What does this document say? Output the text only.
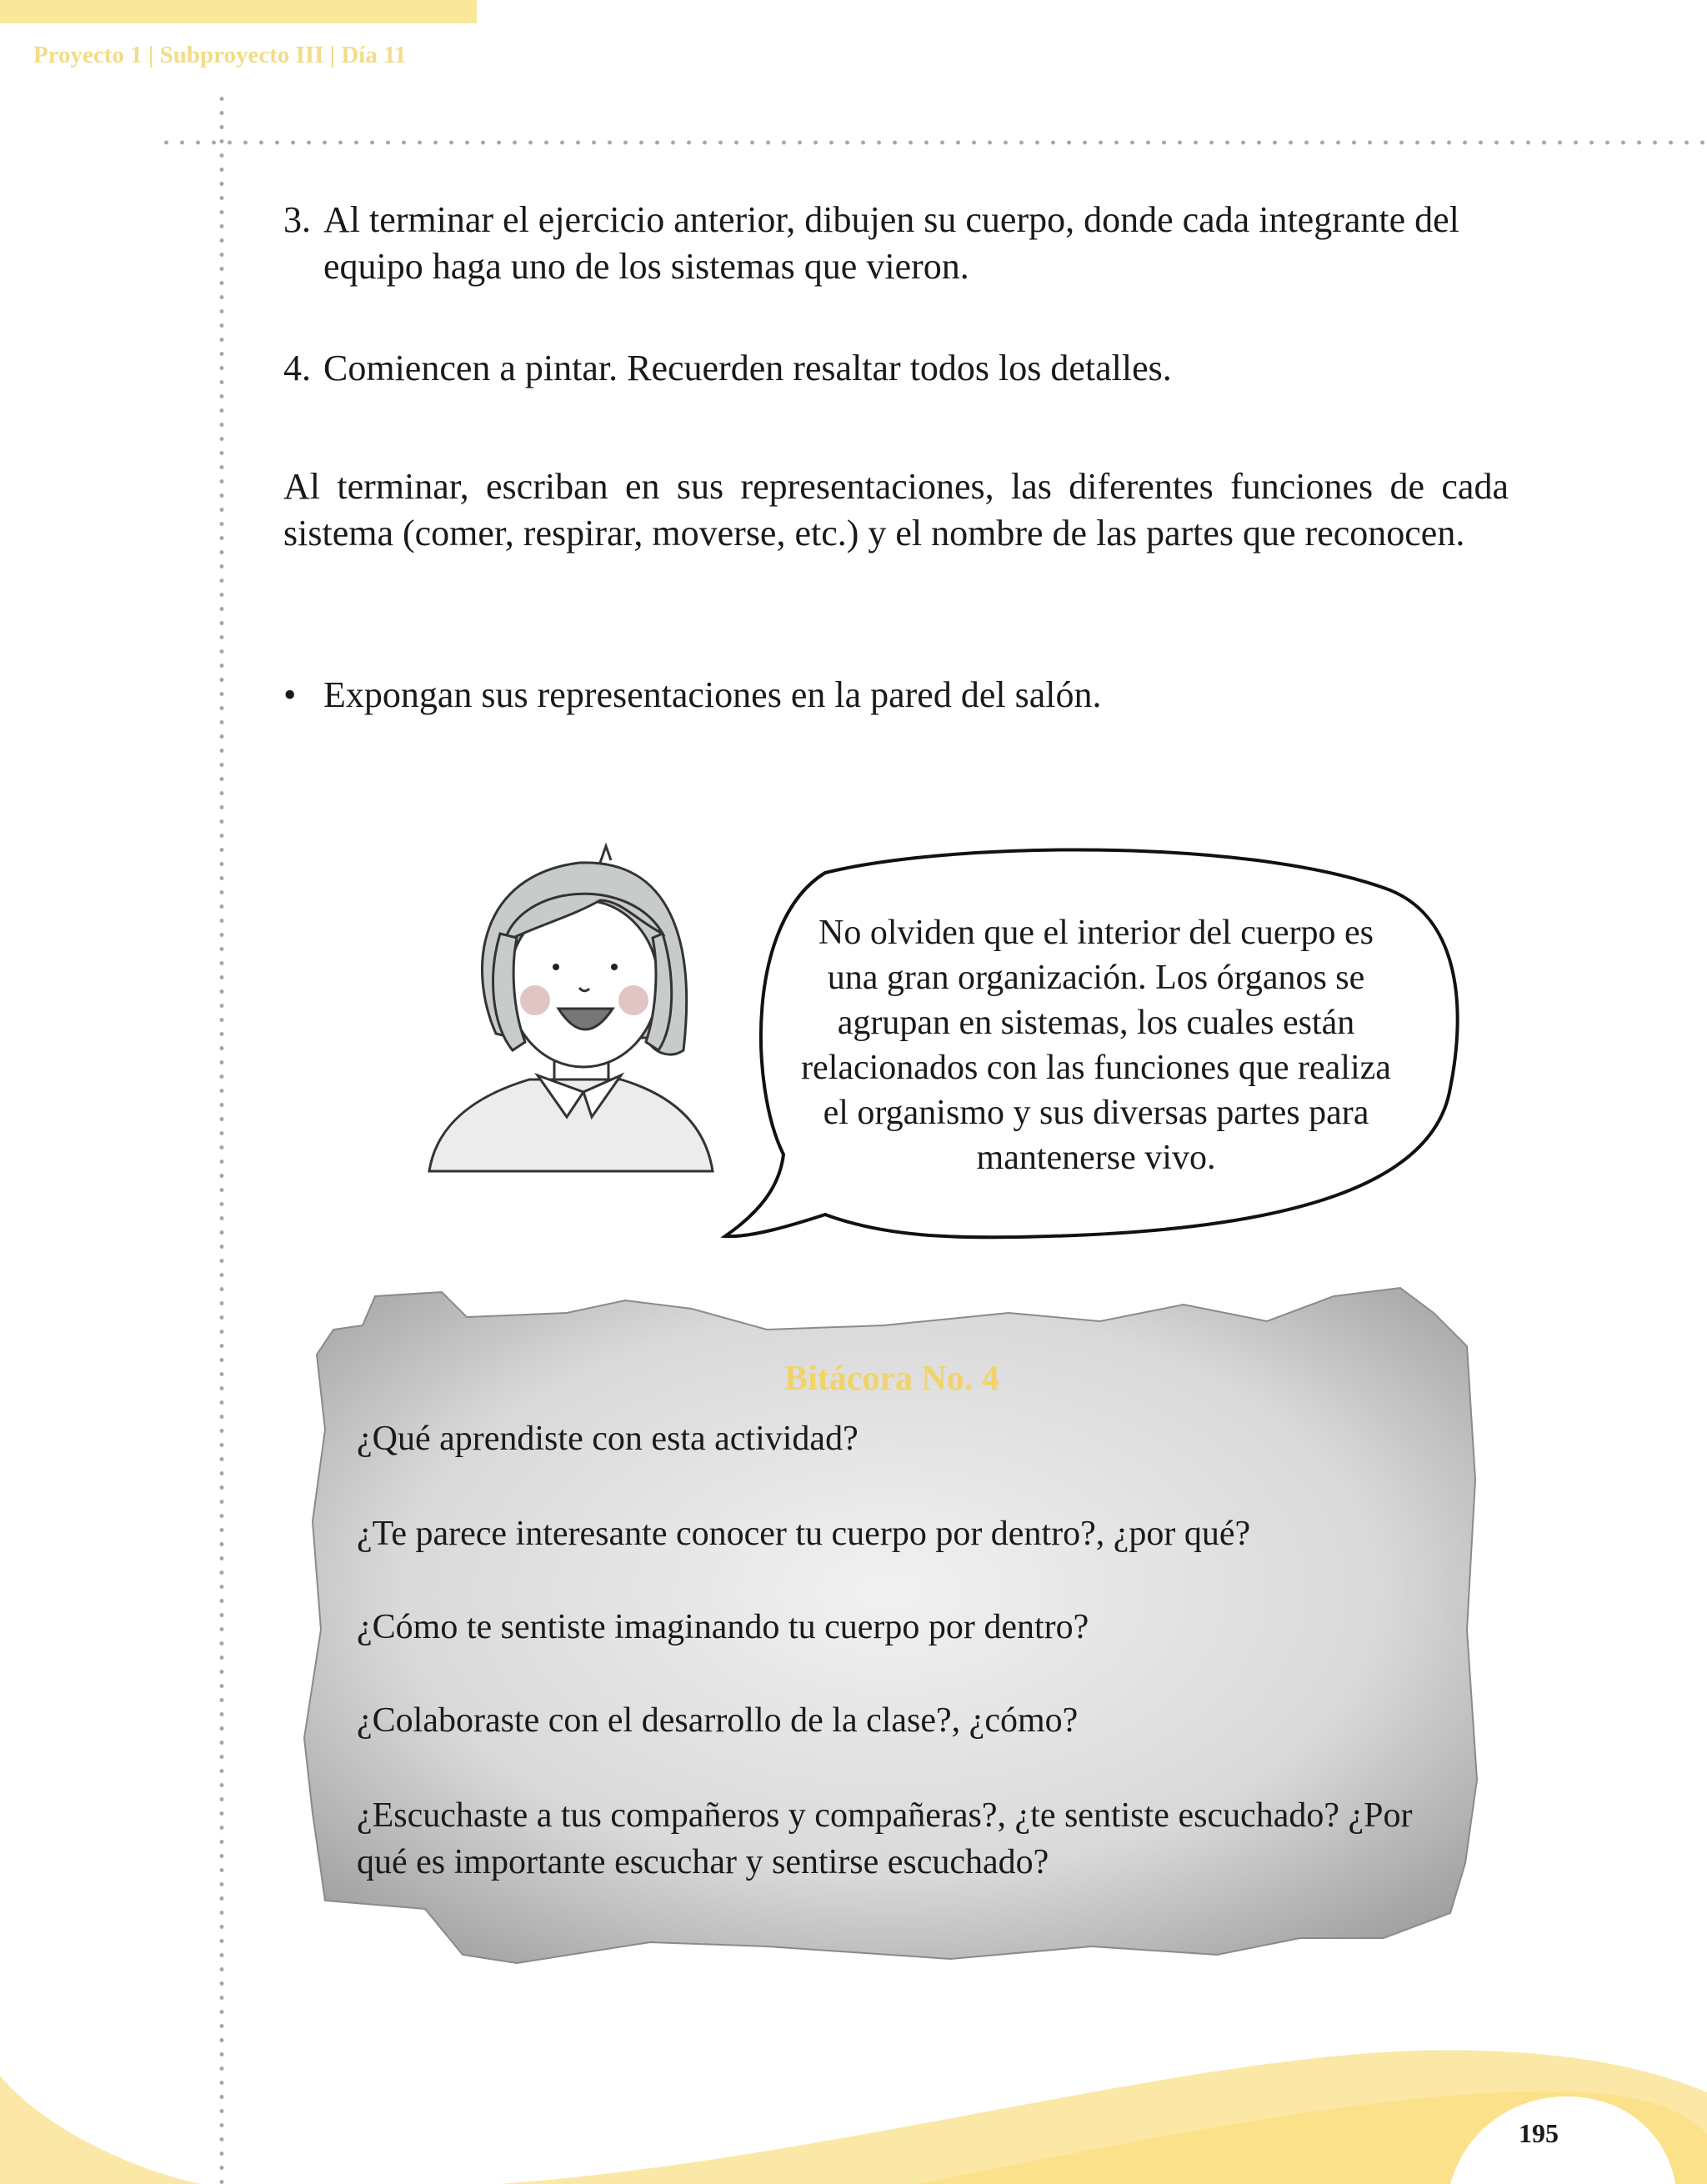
Proyecto 1 | Subproyecto III | Día 11

3. Al terminar el ejercicio anterior, dibujen su cuerpo, donde cada integrante del equipo haga uno de los sistemas que vieron.

4. Comiencen a pintar. Recuerden resaltar todos los detalles.

Al terminar, escriban en sus representaciones, las diferentes funciones de cada sistema (comer, respirar, moverse, etc.) y el nombre de las partes que reconocen.

• Expongan sus representaciones en la pared del salón.

No olviden que el interior del cuerpo es una gran organización. Los órganos se agrupan en sistemas, los cuales están relacionados con las funciones que realiza el organismo y sus diversas partes para mantenerse vivo.
Bitácora No. 4

¿Qué aprendiste con esta actividad?

¿Te parece interesante conocer tu cuerpo por dentro?, ¿por qué?

¿Cómo te sentiste imaginando tu cuerpo por dentro?

¿Colaboraste con el desarrollo de la clase?, ¿cómo?

¿Escuchaste a tus compañeros y compañeras?, ¿te sentiste escuchado? ¿Por qué es importante escuchar y sentirse escuchado?

195
